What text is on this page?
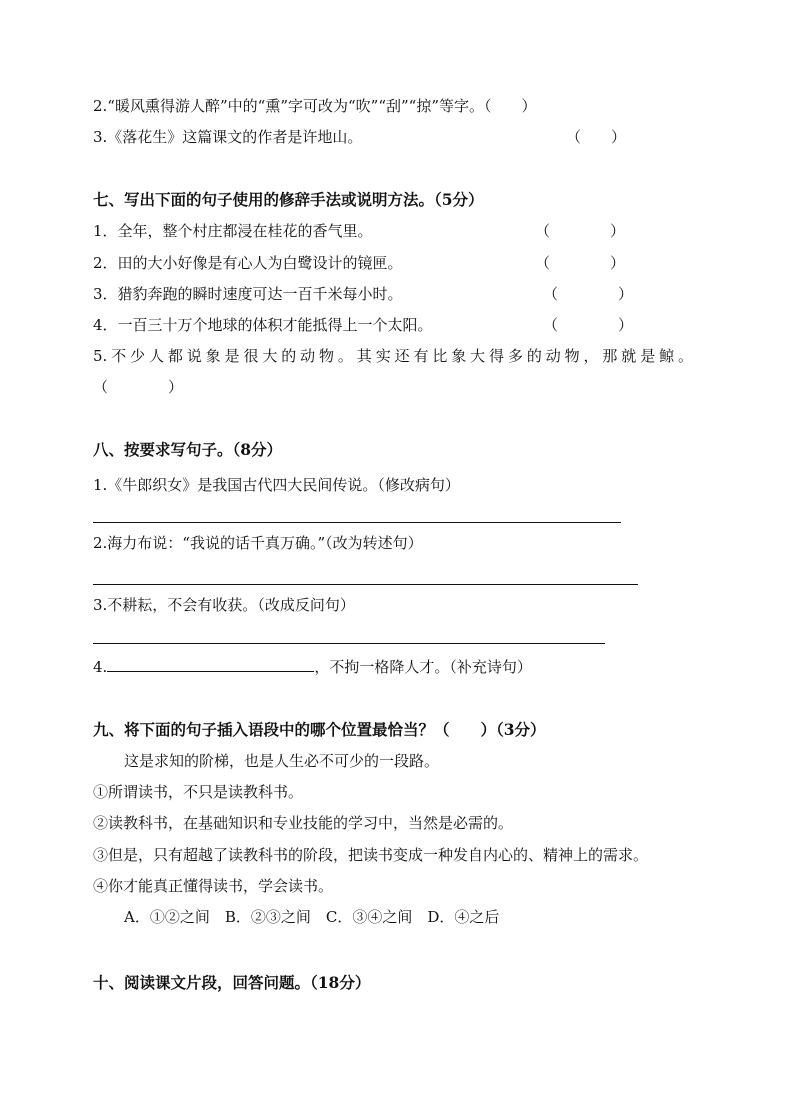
2.“暖风熏得游人醉”中的“熏”字可改为“吹”“刮”“掠”等字。（　　）
3.《落花生》这篇课文的作者是许地山。	（　　）
七、写出下面的句子使用的修辞手法或说明方法。（5分）
1．全年，整个村庄都浸在桂花的香气里。	（　　　　）
2．田的大小好像是有心人为白鹭设计的镜匣。	（　　　　）
3．猎豹奔跑的瞬时速度可达一百千米每小时。	（　　　　）
4．一百三十万个地球的体积才能抵得上一个太阳。	（　　　　）
5.不少人都说象是很大的动物。其实还有比象大得多的动物，那就是鲸。
（　　　　）
八、按要求写句子。（8分）
1.《牛郎织女》是我国古代四大民间传说。（修改病句）
2.海力布说：“我说的话千真万确。”（改为转述句）
3.不耕耘，不会有收获。（改成反问句）
4.	，不拘一格降人才。（补充诗句）
九、将下面的句子插入语段中的哪个位置最恰当？（　　）（3分）
这是求知的阶梯，也是人生必不可少的一段路。
①所谓读书，不只是读教科书。
②读教科书，在基础知识和专业技能的学习中，当然是必需的。
③但是，只有超越了读教科书的阶段，把读书变成一种发自内心的、精神上的需求。
④你才能真正懂得读书，学会读书。
A．①②之间　B．②③之间　C．③④之间　D．④之后
十、阅读课文片段，回答问题。（18分）
